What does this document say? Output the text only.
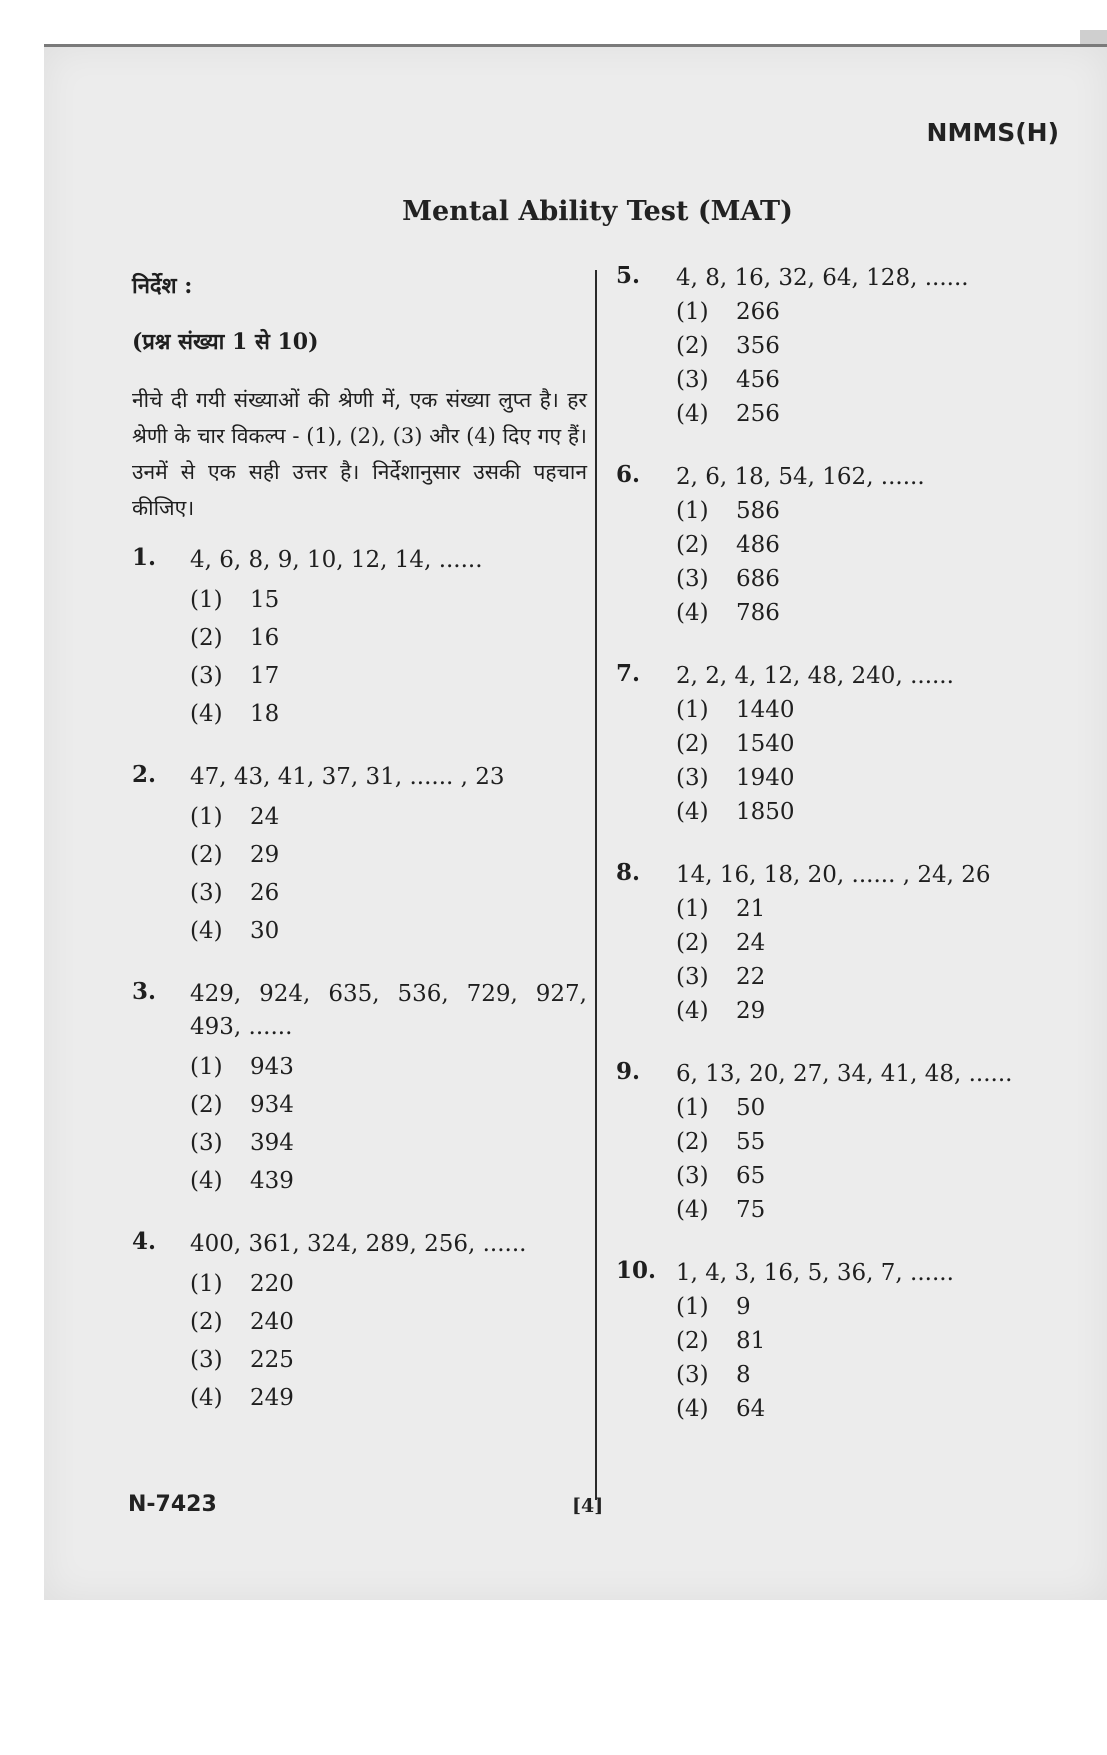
NMMS(H)
Mental Ability Test (MAT)
निर्देश :
(प्रश्न संख्या 1 से 10)
नीचे दी गयी संख्याओं की श्रेणी में, एक संख्या लुप्त है। हर श्रेणी के चार विकल्प - (1), (2), (3) और (4) दिए गए हैं। उनमें से एक सही उत्तर है। निर्देशानुसार उसकी पहचान कीजिए।
1.	4, 6, 8, 9, 10, 12, 14, ......
(1)	15
(2)	16
(3)	17
(4)	18
2.	47, 43, 41, 37, 31, ...... , 23
(1)	24
(2)	29
(3)	26
(4)	30
3.	429, 924, 635, 536, 729, 927, 493, ......
(1)	943
(2)	934
(3)	394
(4)	439
4.	400, 361, 324, 289, 256, ......
(1)	220
(2)	240
(3)	225
(4)	249
5.	4, 8, 16, 32, 64, 128, ......
(1)	266
(2)	356
(3)	456
(4)	256
6.	2, 6, 18, 54, 162, ......
(1)	586
(2)	486
(3)	686
(4)	786
7.	2, 2, 4, 12, 48, 240, ......
(1)	1440
(2)	1540
(3)	1940
(4)	1850
8.	14, 16, 18, 20, ...... , 24, 26
(1)	21
(2)	24
(3)	22
(4)	29
9.	6, 13, 20, 27, 34, 41, 48, ......
(1)	50
(2)	55
(3)	65
(4)	75
10. 1, 4, 3, 16, 5, 36, 7, ......
(1)	9
(2)	81
(3)	8
(4)	64
N-7423	[4]
